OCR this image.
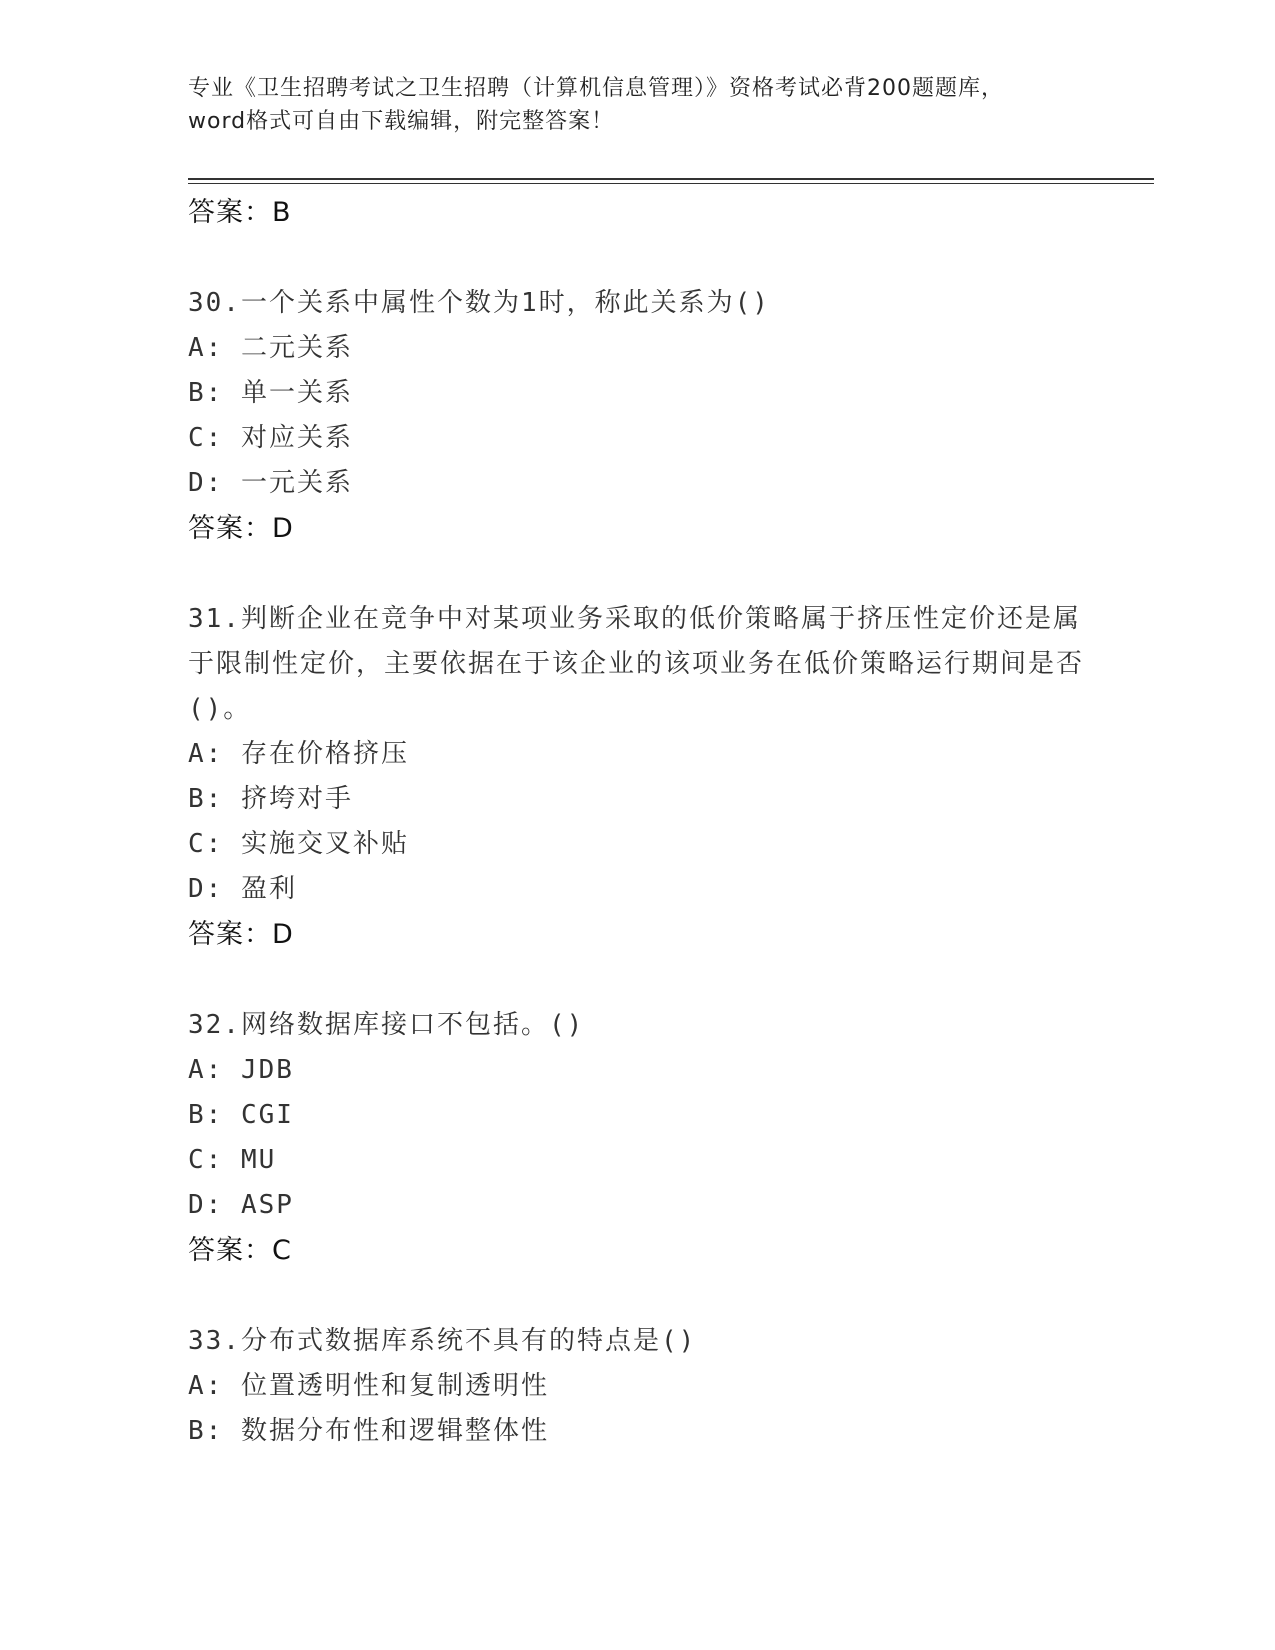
专业《卫生招聘考试之卫生招聘（计算机信息管理）》资格考试必背200题题库，
word格式可自由下载编辑，附完整答案！
答案：B
30.一个关系中属性个数为1时，称此关系为()
A: 二元关系
B: 单一关系
C: 对应关系
D: 一元关系
答案：D
31.判断企业在竞争中对某项业务采取的低价策略属于挤压性定价还是属于限制性定价，主要依据在于该企业的该项业务在低价策略运行期间是否()。
A: 存在价格挤压
B: 挤垮对手
C: 实施交叉补贴
D: 盈利
答案：D
32.网络数据库接口不包括。()
A: JDB
B: CGI
C: MU
D: ASP
答案：C
33.分布式数据库系统不具有的特点是()
A: 位置透明性和复制透明性
B: 数据分布性和逻辑整体性
